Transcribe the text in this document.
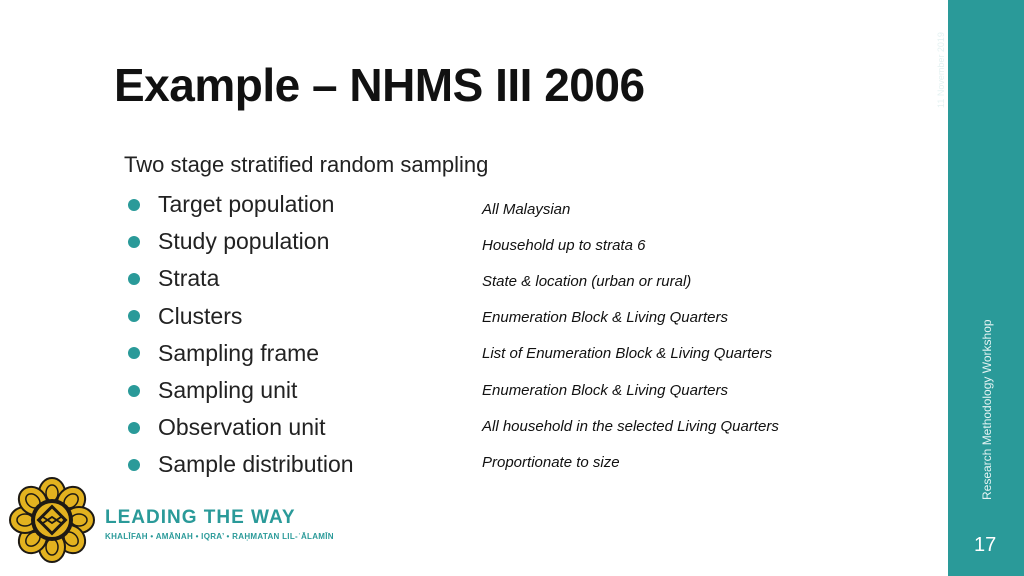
Example – NHMS III 2006
Two stage stratified random sampling
Target population
Study population
Strata
Clusters
Sampling frame
Sampling unit
Observation unit
Sample distribution
All Malaysian
Household up to strata 6
State & location (urban or rural)
Enumeration Block & Living Quarters
List of Enumeration Block & Living Quarters
Enumeration Block & Living Quarters
All household in the selected Living Quarters
Proportionate to size
11 November 2019
Research Methodology Workshop
17
LEADING THE WAY
KHALĪFAH • AMĀNAH • IQRA’ • RAḤMATAN LIL-ʿĀLAMĪN
